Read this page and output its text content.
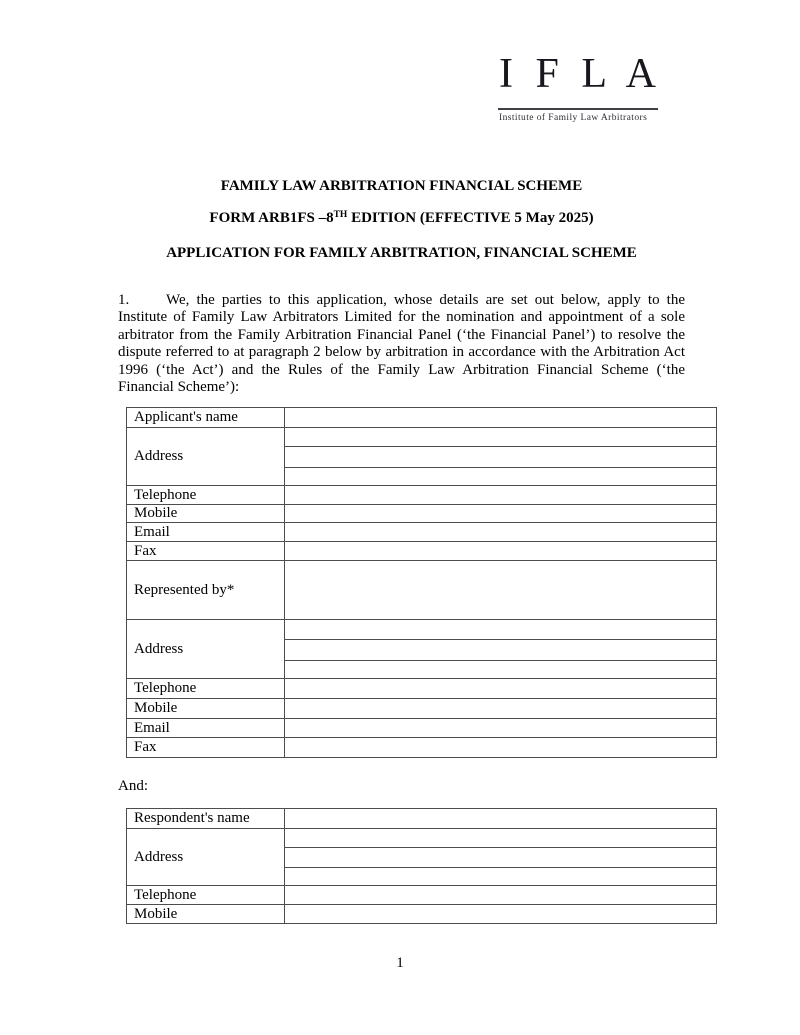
I F L A
Institute of Family Law Arbitrators
FAMILY LAW ARBITRATION FINANCIAL SCHEME
FORM ARB1FS –8TH EDITION (EFFECTIVE 5 May 2025)
APPLICATION FOR FAMILY ARBITRATION, FINANCIAL SCHEME
1. We, the parties to this application, whose details are set out below, apply to the Institute of Family Law Arbitrators Limited for the nomination and appointment of a sole arbitrator from the Family Arbitration Financial Panel (‘the Financial Panel’) to resolve the dispute referred to at paragraph 2 below by arbitration in accordance with the Arbitration Act 1996 (‘the Act’) and the Rules of the Family Law Arbitration Financial Scheme (‘the Financial Scheme’):
Applicant's name	
Address	

Telephone	
Mobile	
Email	
Fax	
Represented by*	
Address	

Telephone	
Mobile	
Email	
Fax	
And:
Respondent's name	
Address	

Telephone	
Mobile	
1
